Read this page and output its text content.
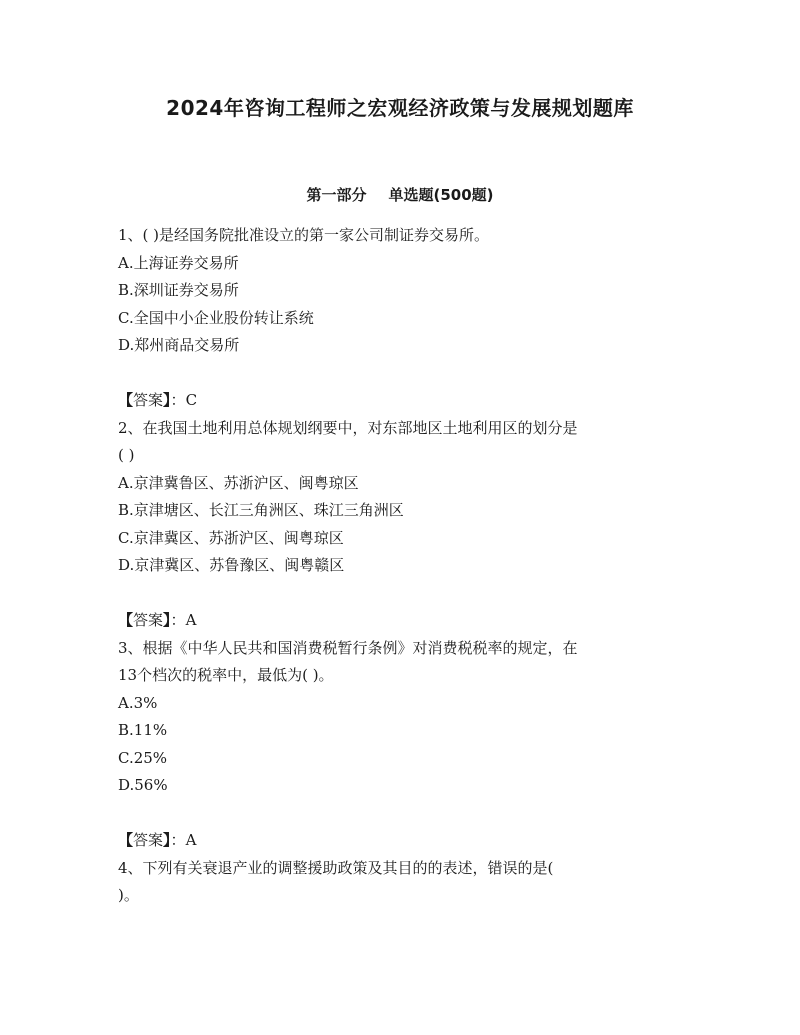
2024年咨询工程师之宏观经济政策与发展规划题库
第一部分 单选题(500题)
1、( )是经国务院批准设立的第一家公司制证券交易所。
A.上海证券交易所
B.深圳证券交易所
C.全国中小企业股份转让系统
D.郑州商品交易所
【答案】：C
2、在我国土地利用总体规划纲要中，对东部地区土地利用区的划分是
( )
A.京津冀鲁区、苏浙沪区、闽粤琼区
B.京津塘区、长江三角洲区、珠江三角洲区
C.京津冀区、苏浙沪区、闽粤琼区
D.京津冀区、苏鲁豫区、闽粤赣区
【答案】：A
3、根据《中华人民共和国消费税暂行条例》对消费税税率的规定，在
13个档次的税率中，最低为( )。
A.3%
B.11%
C.25%
D.56%
【答案】：A
4、下列有关衰退产业的调整援助政策及其目的的表述，错误的是(
)。
